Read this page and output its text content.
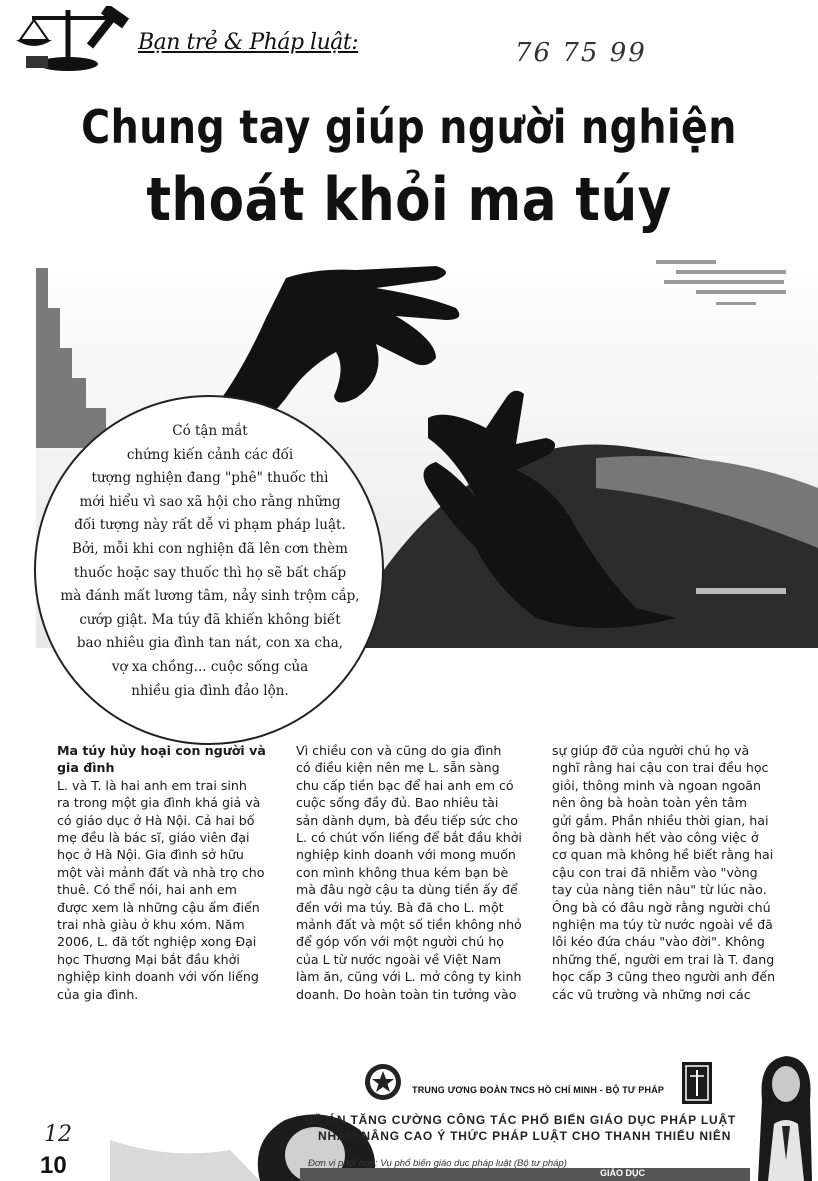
Bạn trẻ & Pháp luật:	76 75 99
Chung tay giúp người nghiện
thoát khỏi ma túy
Có tận mắt
chứng kiến cảnh các đối
tượng nghiện đang "phê" thuốc thì
mới hiểu vì sao xã hội cho rằng những
đối tượng này rất dễ vi phạm pháp luật.
Bởi, mỗi khi con nghiện đã lên cơn thèm
thuốc hoặc say thuốc thì họ sẽ bất chấp
mà đánh mất lương tâm, nảy sinh trộm cắp,
cướp giật. Ma túy đã khiến không biết
bao nhiêu gia đình tan nát, con xa cha,
vợ xa chồng... cuộc sống của
nhiều gia đình đảo lộn.
Ma túy hủy hoại con người và
gia đình
L. và T. là hai anh em trai sinh
ra trong một gia đình khá giả và
có giáo dục ở Hà Nội. Cả hai bố
mẹ đều là bác sĩ, giáo viên đại
học ở Hà Nội. Gia đình sở hữu
một vài mảnh đất và nhà trọ cho
thuê. Có thể nói, hai anh em
được xem là những cậu ấm điển
trai nhà giàu ở khu xóm. Năm
2006, L. đã tốt nghiệp xong Đại
học Thương Mại bắt đầu khởi
nghiệp kinh doanh với vốn liếng
của gia đình.
Vì chiều con và cũng do gia đình
có điều kiện nên mẹ L. sẵn sàng
chu cấp tiền bạc để hai anh em có
cuộc sống đầy đủ. Bao nhiêu tài
sản dành dụm, bà đều tiếp sức cho
L. có chút vốn liếng để bắt đầu khởi
nghiệp kinh doanh với mong muốn
con mình không thua kém bạn bè
mà đâu ngờ cậu ta dùng tiền ấy để
đến với ma túy. Bà đã cho L. một
mảnh đất và một số tiền không nhỏ
để góp vốn với một người chú họ
của L từ nước ngoài về Việt Nam
làm ăn, cũng với L. mở công ty kinh
doanh. Do hoàn toàn tin tưởng vào
sự giúp đỡ của người chú họ và
nghĩ rằng hai cậu con trai đều học
giỏi, thông minh và ngoan ngoãn
nên ông bà hoàn toàn yên tâm
gửi gắm. Phần nhiều thời gian, hai
ông bà dành hết vào công việc ở
cơ quan mà không hề biết rằng hai
cậu con trai đã nhiễm vào "vòng
tay của nàng tiên nâu" từ lúc nào.
Ông bà có đâu ngờ rằng người chú
nghiện ma túy từ nước ngoài về đã
lôi kéo đứa cháu "vào đời". Không
những thế, người em trai là T. đang
học cấp 3 cũng theo người anh đến
các vũ trường và những nơi các
TRUNG ƯƠNG ĐOÀN TNCS HỒ CHÍ MINH - BỘ TƯ PHÁP
ĐỀ ÁN TĂNG CƯỜNG CÔNG TÁC PHỔ BIẾN GIÁO DỤC PHÁP LUẬT
NHẰM NÂNG CAO Ý THỨC PHÁP LUẬT CHO THANH THIẾU NIÊN
Đơn vị phối hợp: Vụ phổ biến giáo dục pháp luật (Bộ tư pháp)
GIÁO DỤC
12
10
